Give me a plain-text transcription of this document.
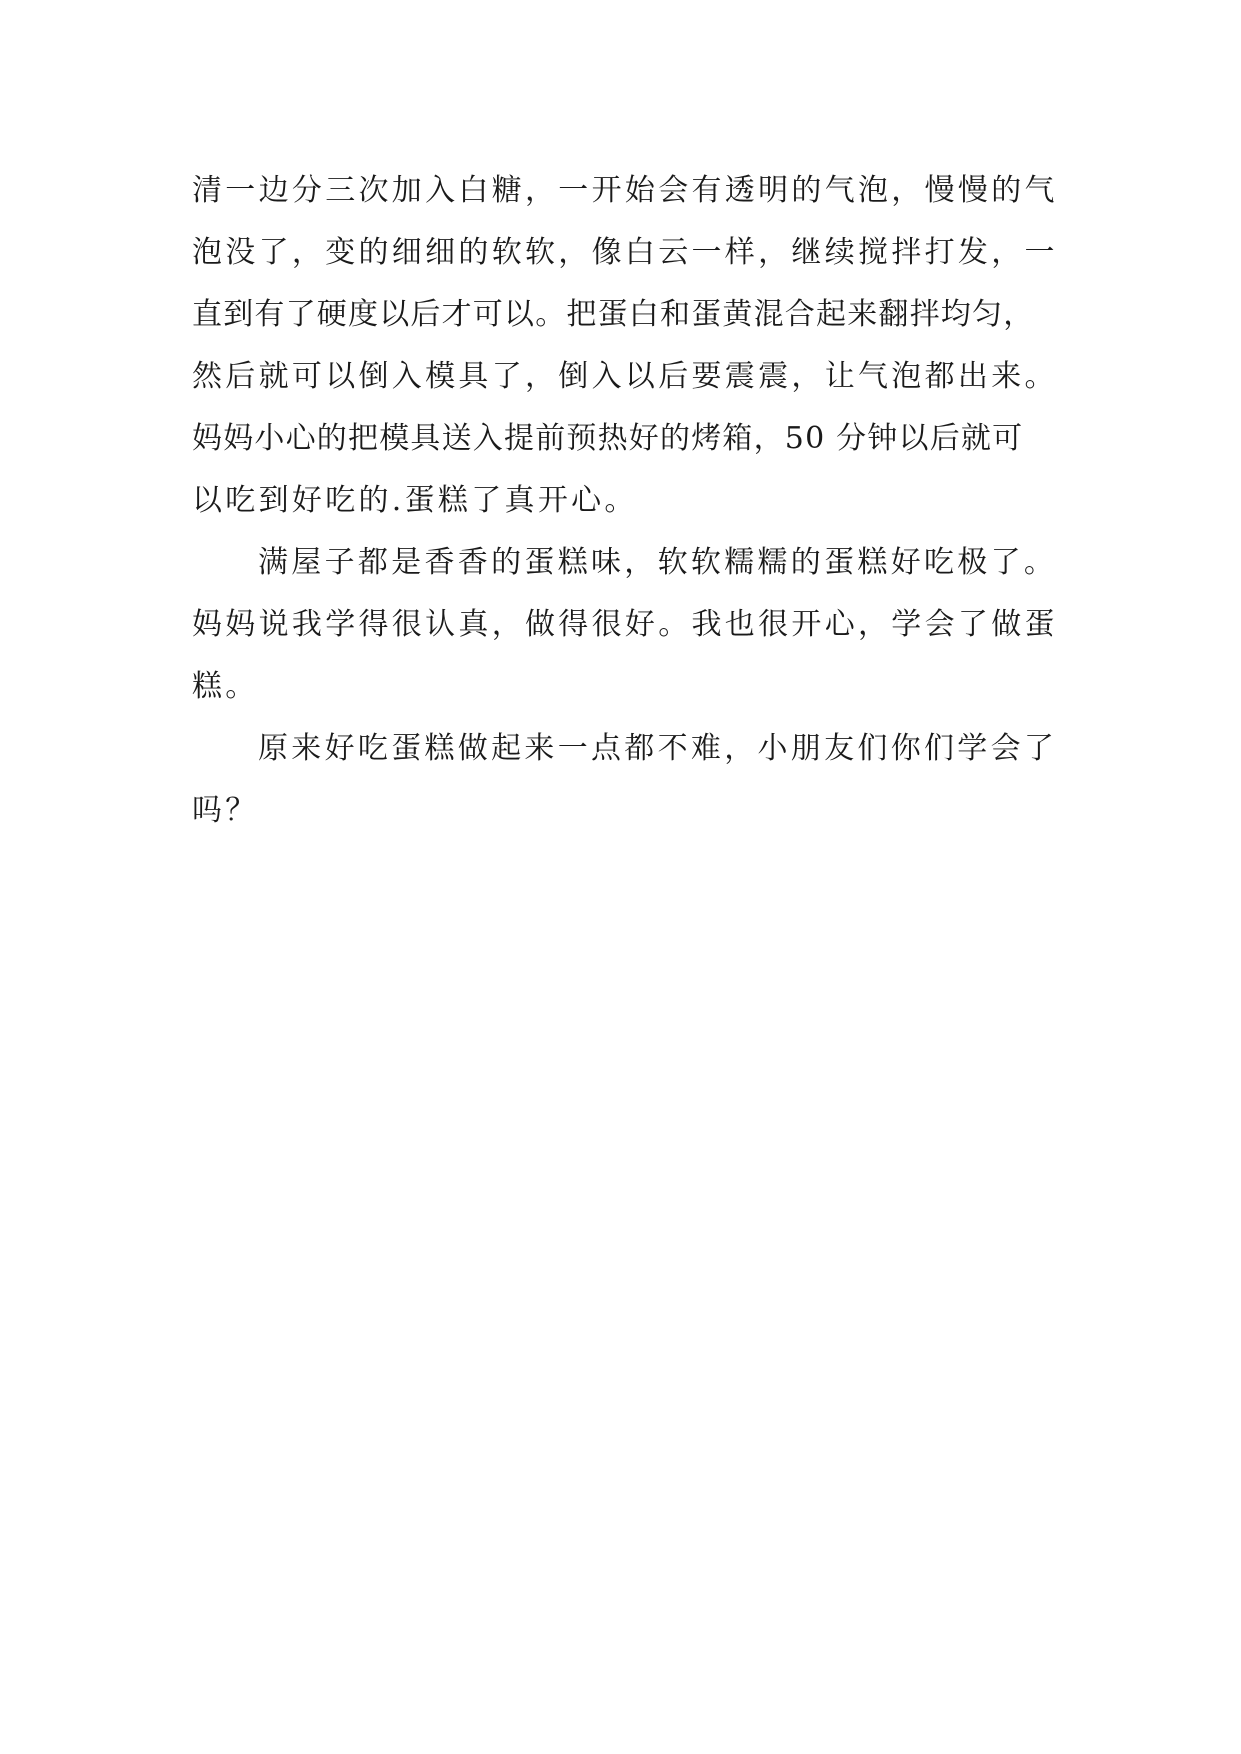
清一边分三次加入白糖，一开始会有透明的气泡，慢慢的气
泡没了，变的细细的软软，像白云一样，继续搅拌打发，一
直到有了硬度以后才可以。把蛋白和蛋黄混合起来翻拌均匀，
然后就可以倒入模具了，倒入以后要震震，让气泡都出来。
妈妈小心的把模具送入提前预热好的烤箱，50 分钟以后就可
以吃到好吃的.蛋糕了真开心。
满屋子都是香香的蛋糕味，软软糯糯的蛋糕好吃极了。
妈妈说我学得很认真，做得很好。我也很开心，学会了做蛋
糕。
原来好吃蛋糕做起来一点都不难，小朋友们你们学会了
吗？
